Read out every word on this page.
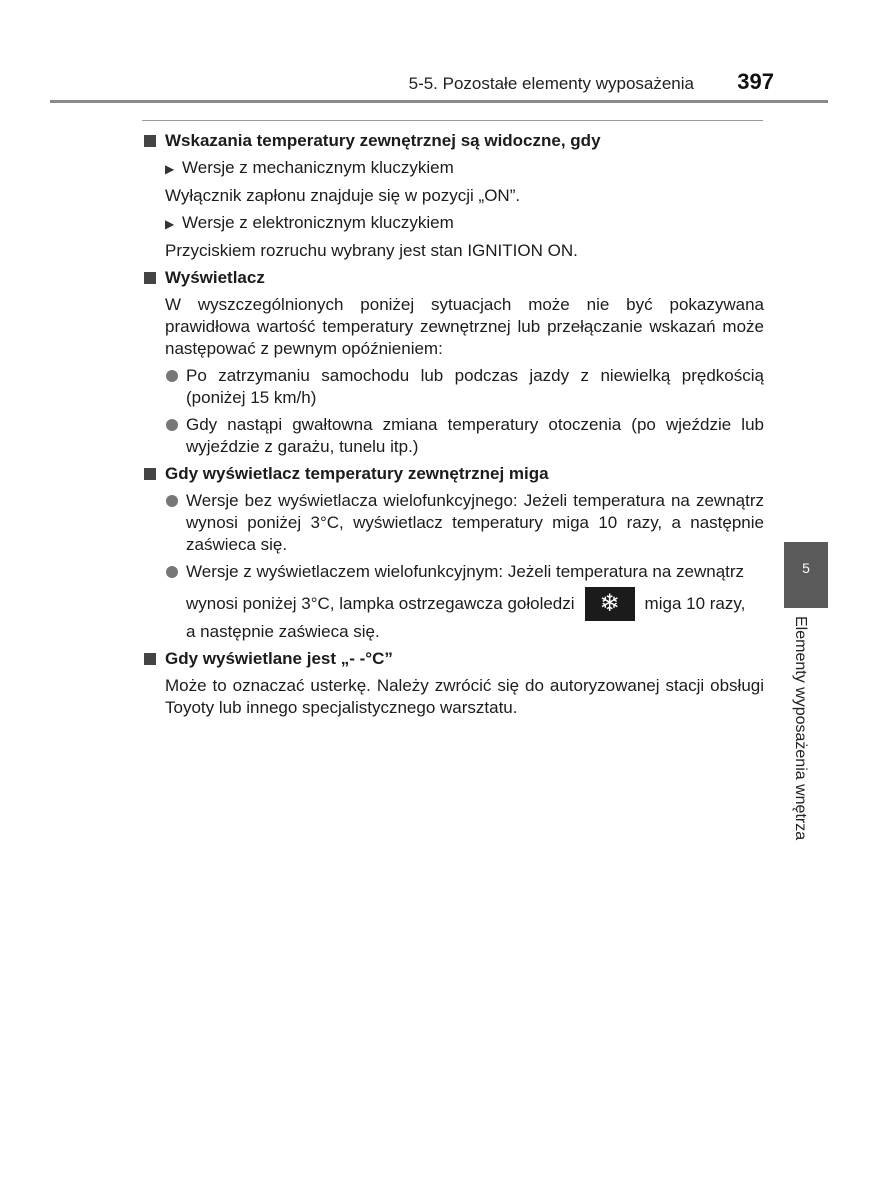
5-5. Pozostałe elementy wyposażenia 397
Wskazania temperatury zewnętrznej są widoczne, gdy
▶ Wersje z mechanicznym kluczykiem
Wyłącznik zapłonu znajduje się w pozycji „ON”.
▶ Wersje z elektronicznym kluczykiem
Przyciskiem rozruchu wybrany jest stan IGNITION ON.
Wyświetlacz
W wyszczególnionych poniżej sytuacjach może nie być pokazywana prawidłowa wartość temperatury zewnętrznej lub przełączanie wskazań może następować z pewnym opóźnieniem:
Po zatrzymaniu samochodu lub podczas jazdy z niewielką prędkością (poniżej 15 km/h)
Gdy nastąpi gwałtowna zmiana temperatury otoczenia (po wjeździe lub wyjeździe z garażu, tunelu itp.)
Gdy wyświetlacz temperatury zewnętrznej miga
Wersje bez wyświetlacza wielofunkcyjnego: Jeżeli temperatura na zewnątrz wynosi poniżej 3°C, wyświetlacz temperatury miga 10 razy, a następnie zaświeca się.
Wersje z wyświetlaczem wielofunkcyjnym: Jeżeli temperatura na zewnątrz
wynosi poniżej 3°C, lampka ostrzegawcza gołoledzi	❄	miga 10 razy,
a następnie zaświeca się.
Gdy wyświetlane jest „- -°C”
Może to oznaczać usterkę. Należy zwrócić się do autoryzowanej stacji obsługi Toyoty lub innego specjalistycznego warsztatu.
5
Elementy wyposażenia wnętrza
